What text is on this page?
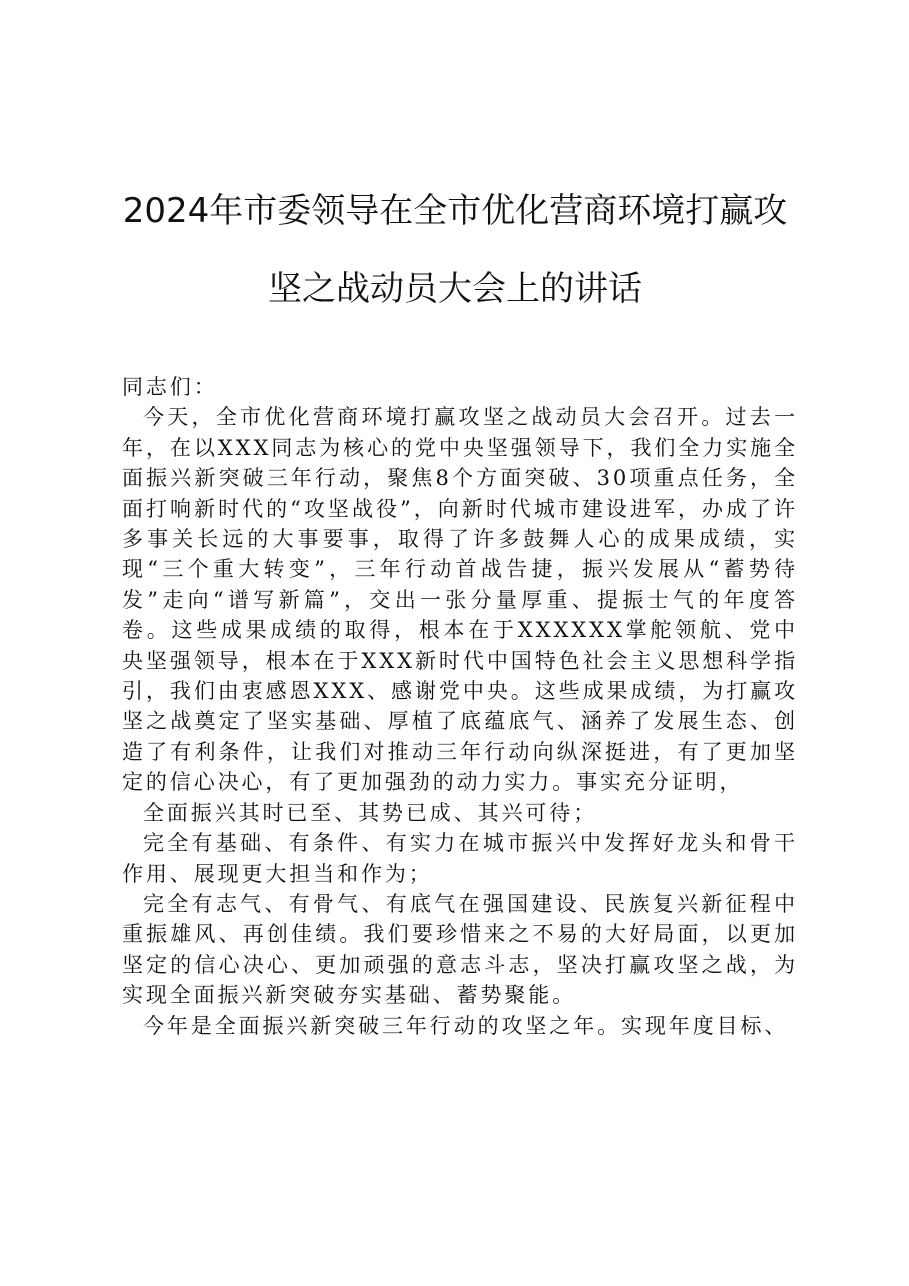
2024年市委领导在全市优化营商环境打赢攻
坚之战动员大会上的讲话

同志们：

今天，全市优化营商环境打赢攻坚之战动员大会召开。过去一年，在以XXX同志为核心的党中央坚强领导下，我们全力实施全面振兴新突破三年行动，聚焦8个方面突破、30项重点任务，全面打响新时代的“攻坚战役”，向新时代城市建设进军，办成了许多事关长远的大事要事，取得了许多鼓舞人心的成果成绩，实现“三个重大转变”，三年行动首战告捷，振兴发展从“蓄势待发”走向“谱写新篇”，交出一张分量厚重、提振士气的年度答卷。这些成果成绩的取得，根本在于XXXXXX掌舵领航、党中央坚强领导，根本在于XXX新时代中国特色社会主义思想科学指引，我们由衷感恩XXX、感谢党中央。这些成果成绩，为打赢攻坚之战奠定了坚实基础、厚植了底蕴底气、涵养了发展生态、创造了有利条件，让我们对推动三年行动向纵深挺进，有了更加坚定的信心决心，有了更加强劲的动力实力。事实充分证明，

全面振兴其时已至、其势已成、其兴可待；

完全有基础、有条件、有实力在城市振兴中发挥好龙头和骨干作用、展现更大担当和作为；

完全有志气、有骨气、有底气在强国建设、民族复兴新征程中重振雄风、再创佳绩。我们要珍惜来之不易的大好局面，以更加坚定的信心决心、更加顽强的意志斗志，坚决打赢攻坚之战，为实现全面振兴新突破夯实基础、蓄势聚能。

今年是全面振兴新突破三年行动的攻坚之年。实现年度目标、
